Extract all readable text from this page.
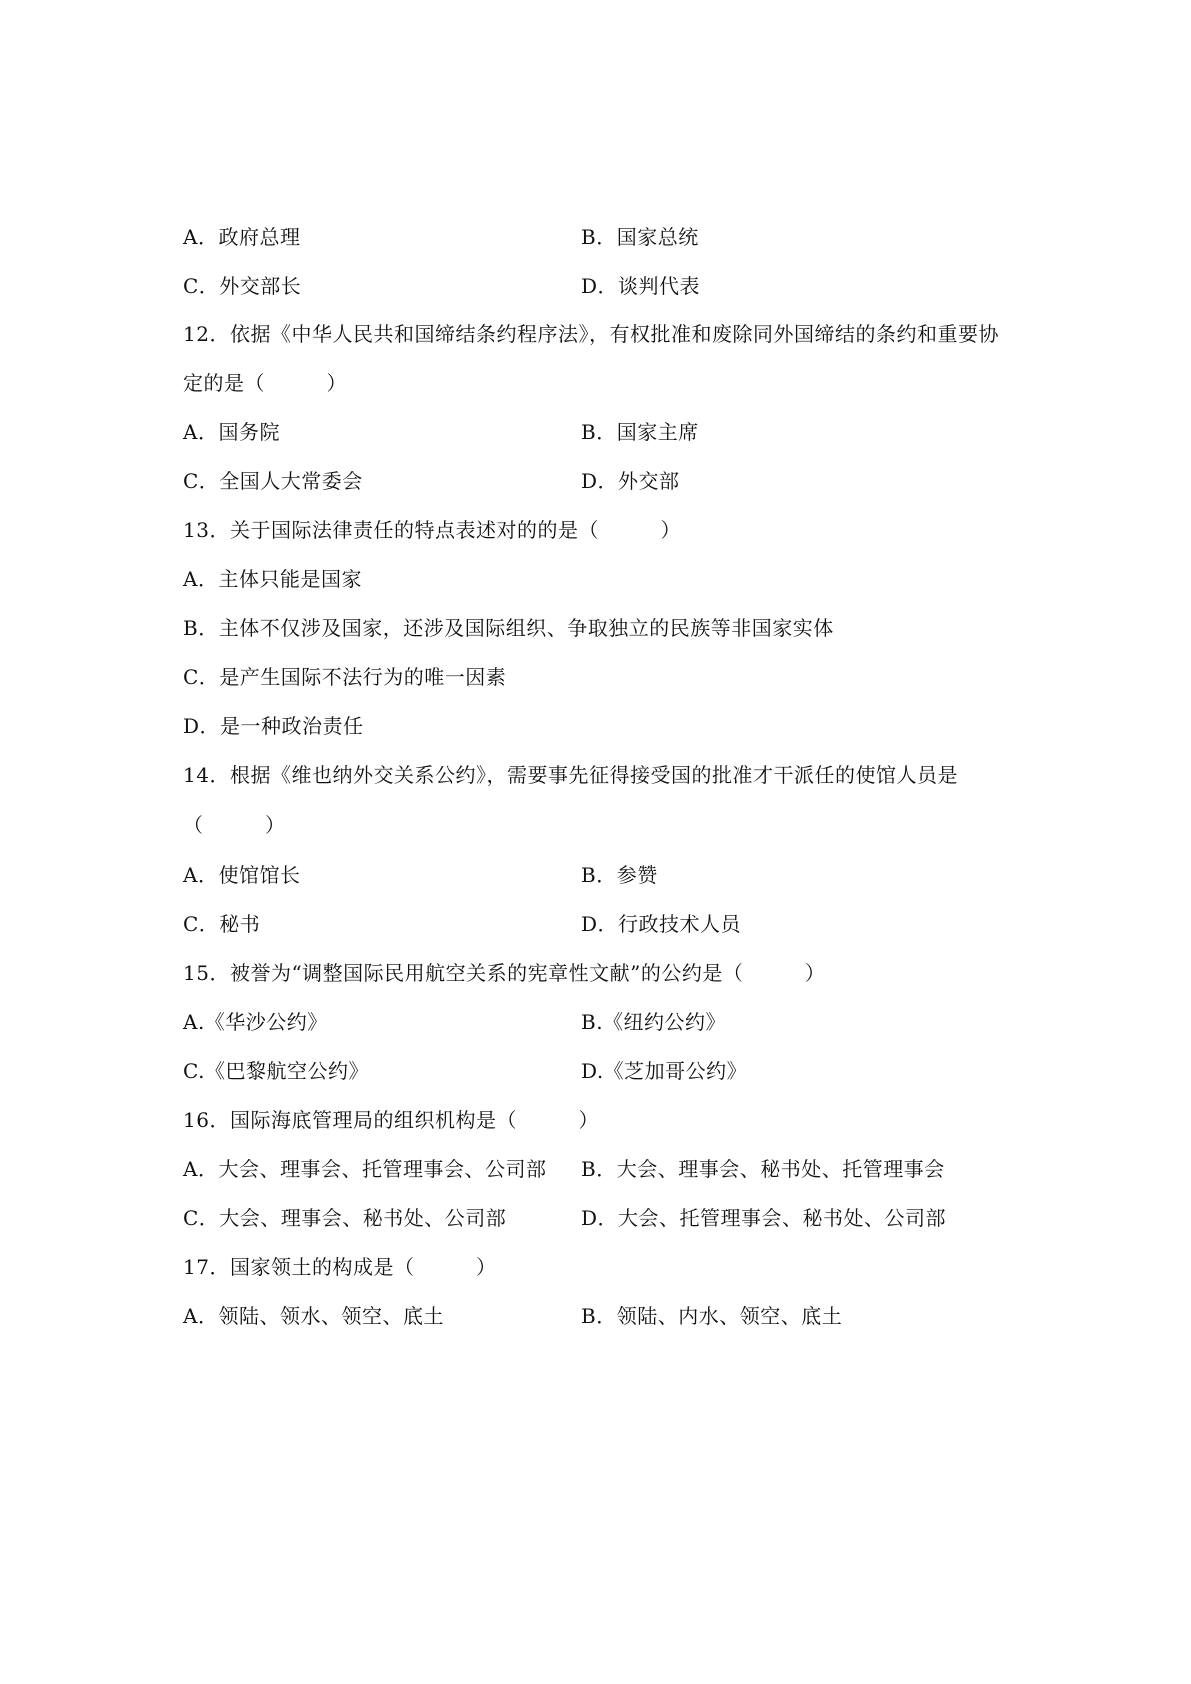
A．政府总理	B．国家总统
C．外交部长	D．谈判代表
12．依据《中华人民共和国缔结条约程序法》，有权批准和废除同外国缔结的条约和重要协
定的是（　　　）
A．国务院	B．国家主席
C．全国人大常委会	D．外交部
13．关于国际法律责任的特点表述对的的是（　　　）
A．主体只能是国家
B．主体不仅涉及国家，还涉及国际组织、争取独立的民族等非国家实体
C．是产生国际不法行为的唯一因素
D．是一种政治责任
14．根据《维也纳外交关系公约》，需要事先征得接受国的批准才干派任的使馆人员是
（　　　）
A．使馆馆长	B．参赞
C．秘书	D．行政技术人员
15．被誉为“调整国际民用航空关系的宪章性文献”的公约是（　　　）
A.《华沙公约》	B.《纽约公约》
C.《巴黎航空公约》	D.《芝加哥公约》
16．国际海底管理局的组织机构是（　　　）
A．大会、理事会、托管理事会、公司部 B．大会、理事会、秘书处、托管理事会
C．大会、理事会、秘书处、公司部	D．大会、托管理事会、秘书处、公司部
17．国家领土的构成是（　　　）
A．领陆、领水、领空、底土	B．领陆、内水、领空、底土
